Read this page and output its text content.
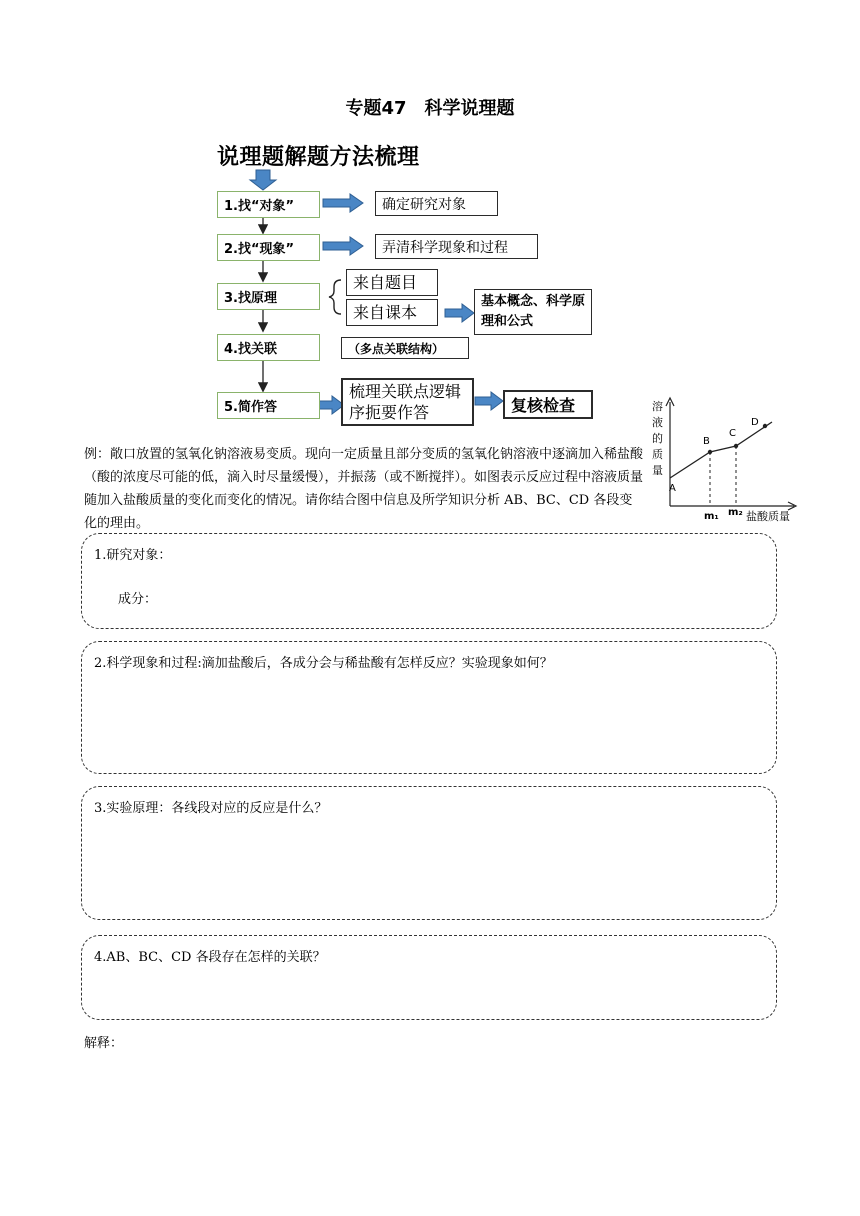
专题47　科学说理题
说理题解题方法梳理
1.找“对象”	确定研究对象
2.找“现象”	弄清科学现象和过程
3.找原理
来自题目
来自课本
基本概念、科学原理和公式
4.找关联	（多点关联结构）
5.简作答
梳理关联点逻辑序扼要作答	复核检查
例：敞口放置的氢氧化钠溶液易变质。现向一定质量且部分变质的氢氧化钠溶液中逐滴加入稀盐酸（酸的浓度尽可能的低，滴入时尽量缓慢），并振荡（或不断搅拌）。如图表示反应过程中溶液质量随加入盐酸质量的变化而变化的情况。请你结合图中信息及所学知识分析 AB、BC、CD 各段变化的理由。
溶
液
的
质
量
A
B
C
D
m₁ m₂ 盐酸质量
1.研究对象：
成分：
2.科学现象和过程:滴加盐酸后，各成分会与稀盐酸有怎样反应？实验现象如何？
3.实验原理：各线段对应的反应是什么？
4.AB、BC、CD 各段存在怎样的关联？
解释：
